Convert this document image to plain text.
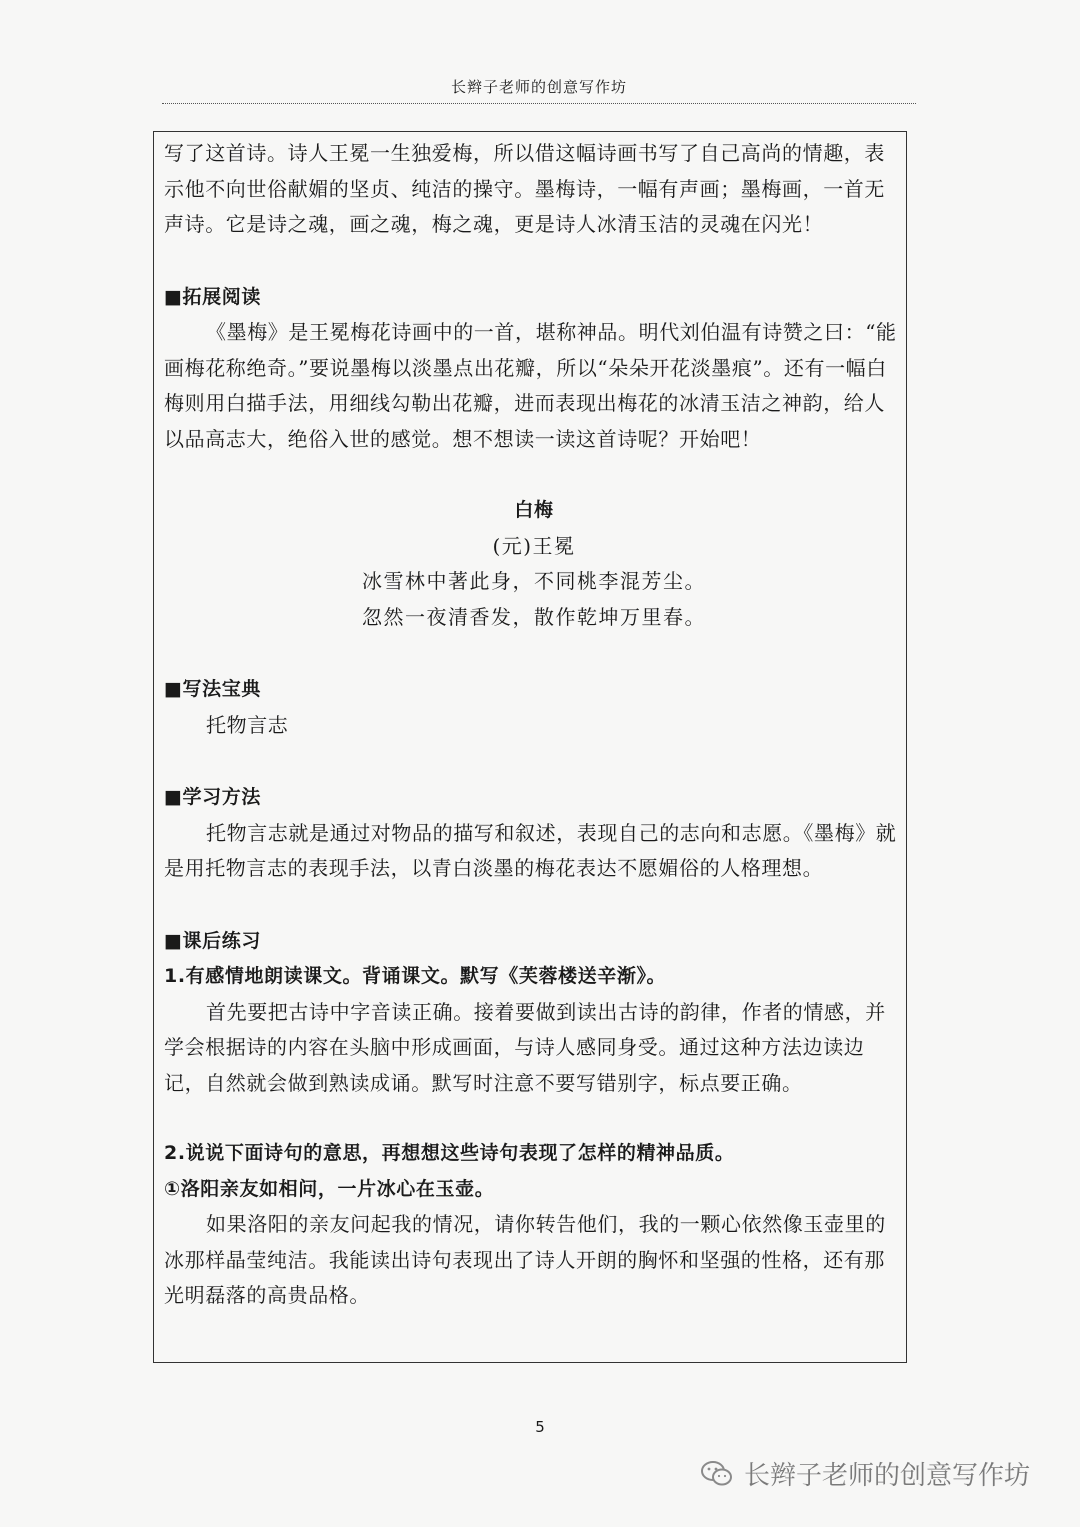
长辫子老师的创意写作坊

写了这首诗。诗人王冕一生独爱梅，所以借这幅诗画书写了自己高尚的情趣，表示他不向世俗献媚的坚贞、纯洁的操守。墨梅诗，一幅有声画；墨梅画，一首无声诗。它是诗之魂，画之魂，梅之魂，更是诗人冰清玉洁的灵魂在闪光！

■拓展阅读

《墨梅》是王冕梅花诗画中的一首，堪称神品。明代刘伯温有诗赞之曰：“能画梅花称绝奇。”要说墨梅以淡墨点出花瓣，所以“朵朵开花淡墨痕”。还有一幅白梅则用白描手法，用细线勾勒出花瓣，进而表现出梅花的冰清玉洁之神韵，给人以品高志大，绝俗入世的感觉。想不想读一读这首诗呢？开始吧！

白梅

(元)王冕

冰雪林中著此身，不同桃李混芳尘。

忽然一夜清香发，散作乾坤万里春。

■写法宝典

托物言志

■学习方法

托物言志就是通过对物品的描写和叙述，表现自己的志向和志愿。《墨梅》就是用托物言志的表现手法，以青白淡墨的梅花表达不愿媚俗的人格理想。

■课后练习

1.有感情地朗读课文。背诵课文。默写《芙蓉楼送辛渐》。

首先要把古诗中字音读正确。接着要做到读出古诗的韵律，作者的情感，并学会根据诗的内容在头脑中形成画面，与诗人感同身受。通过这种方法边读边记，自然就会做到熟读成诵。默写时注意不要写错别字，标点要正确。

2.说说下面诗句的意思，再想想这些诗句表现了怎样的精神品质。

①洛阳亲友如相问，一片冰心在玉壶。

如果洛阳的亲友问起我的情况，请你转告他们，我的一颗心依然像玉壶里的冰那样晶莹纯洁。我能读出诗句表现出了诗人开朗的胸怀和坚强的性格，还有那光明磊落的高贵品格。

5
长辫子老师的创意写作坊
